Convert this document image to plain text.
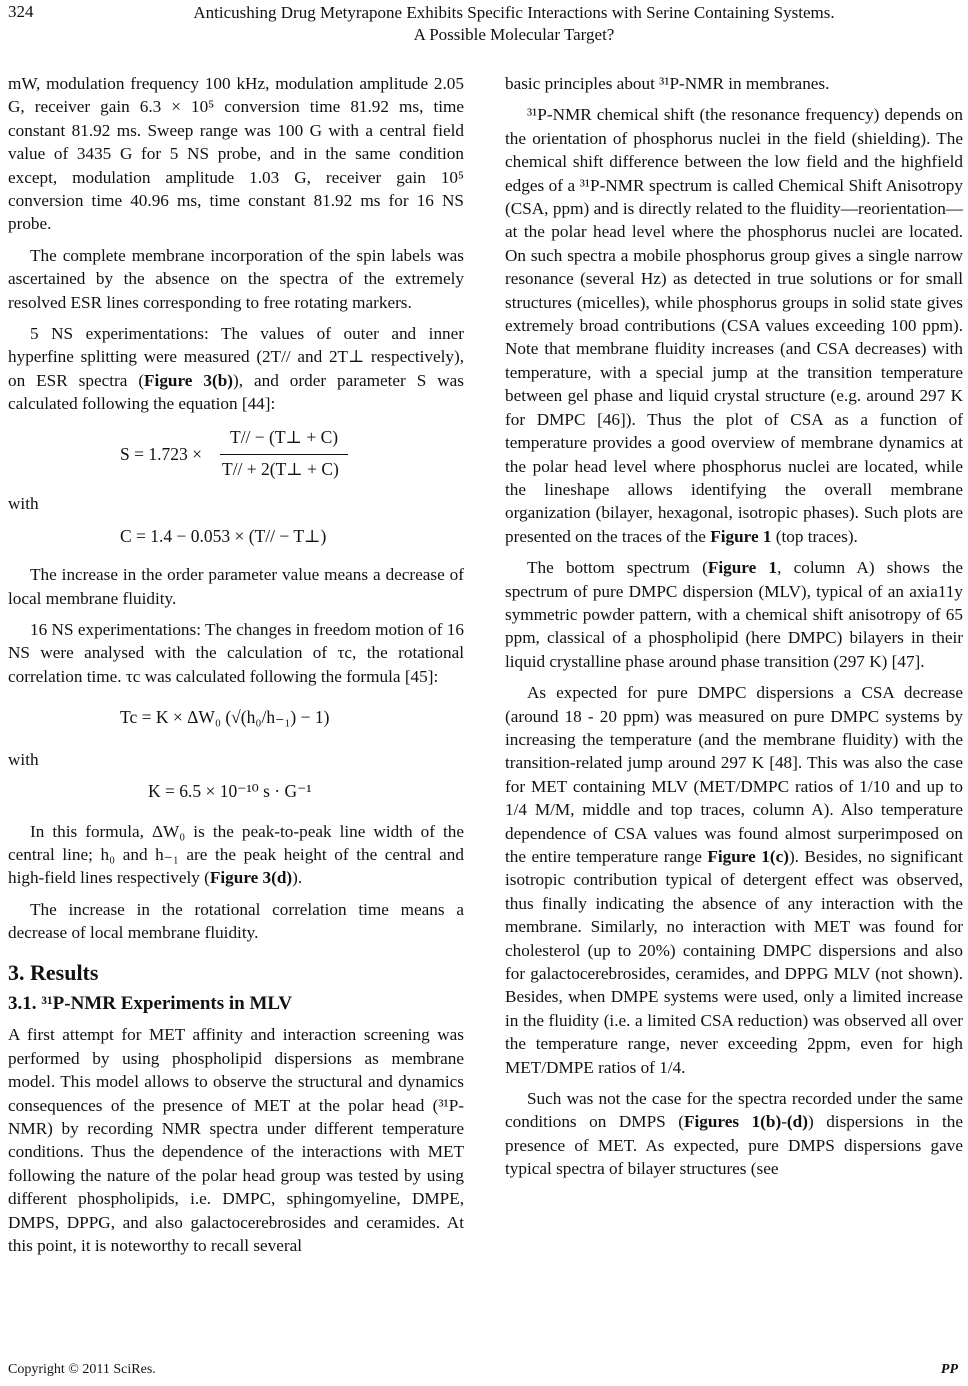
324	Anticushing Drug Metyrapone Exhibits Specific Interactions with Serine Containing Systems.
A Possible Molecular Target?

mW, modulation frequency 100 kHz, modulation amplitude 2.05 G, receiver gain 6.3 × 10⁵ conversion time 81.92 ms, time constant 81.92 ms. Sweep range was 100 G with a central field value of 3435 G for 5 NS probe, and in the same condition except, modulation amplitude 1.03 G, receiver gain 10⁵ conversion time 40.96 ms, time constant 81.92 ms for 16 NS probe.

The complete membrane incorporation of the spin labels was ascertained by the absence on the spectra of the extremely resolved ESR lines corresponding to free rotating markers.

5 NS experimentations: The values of outer and inner hyperfine splitting were measured (2T// and 2T⊥ respectively), on ESR spectra (Figure 3(b)), and order parameter S was calculated following the equation [44]:

S = 1.723 ×
T// − (T⊥ + C)
T// + 2(T⊥ + C)

with

C = 1.4 − 0.053 × (T// − T⊥)

The increase in the order parameter value means a decrease of local membrane fluidity.

16 NS experimentations: The changes in freedom motion of 16 NS were analysed with the calculation of τc, the rotational correlation time. τc was calculated following the formula [45]:

Tc = K × ΔW₀ (√(h₀/h₋₁) − 1)

with

K = 6.5 × 10⁻¹⁰ s · G⁻¹

In this formula, ΔW₀ is the peak-to-peak line width of the central line; h₀ and h₋₁ are the peak height of the central and high-field lines respectively (Figure 3(d)).

The increase in the rotational correlation time means a decrease of local membrane fluidity.

3. Results
3.1. ³¹P-NMR Experiments in MLV

A first attempt for MET affinity and interaction screening was performed by using phospholipid dispersions as membrane model. This model allows to observe the structural and dynamics consequences of the presence of MET at the polar head (³¹P-NMR) by recording NMR spectra under different temperature conditions. Thus the dependence of the interactions with MET following the nature of the polar head group was tested by using different phospholipids, i.e. DMPC, sphingomyeline, DMPE, DMPS, DPPG, and also galactocerebrosides and ceramides. At this point, it is noteworthy to recall several

basic principles about ³¹P-NMR in membranes.

³¹P-NMR chemical shift (the resonance frequency) depends on the orientation of phosphorus nuclei in the field (shielding). The chemical shift difference between the low field and the highfield edges of a ³¹P-NMR spectrum is called Chemical Shift Anisotropy (CSA, ppm) and is directly related to the fluidity—reorientation—at the polar head level where the phosphorus nuclei are located. On such spectra a mobile phosphorus group gives a single narrow resonance (several Hz) as detected in true solutions or for small structures (micelles), while phosphorus groups in solid state gives extremely broad contributions (CSA values exceeding 100 ppm). Note that membrane fluidity increases (and CSA decreases) with temperature, with a special jump at the transition temperature between gel phase and liquid crystal structure (e.g. around 297 K for DMPC [46]). Thus the plot of CSA as a function of temperature provides a good overview of membrane dynamics at the polar head level where phosphorus nuclei are located, while the lineshape allows identifying the overall membrane organization (bilayer, hexagonal, isotropic phases). Such plots are presented on the traces of the Figure 1 (top traces).

The bottom spectrum (Figure 1, column A) shows the spectrum of pure DMPC dispersion (MLV), typical of an axia11y symmetric powder pattern, with a chemical shift anisotropy of 65 ppm, classical of a phospholipid (here DMPC) bilayers in their liquid crystalline phase around phase transition (297 K) [47].

As expected for pure DMPC dispersions a CSA decrease (around 18 - 20 ppm) was measured on pure DMPC systems by increasing the temperature (and the membrane fluidity) with the transition-related jump around 297 K [48]. This was also the case for MET containing MLV (MET/DMPC ratios of 1/10 and up to 1/4 M/M, middle and top traces, column A). Also temperature dependence of CSA values was found almost surperimposed on the entire temperature range Figure 1(c)). Besides, no significant isotropic contribution typical of detergent effect was observed, thus finally indicating the absence of any interaction with the membrane. Similarly, no interaction with MET was found for cholesterol (up to 20%) containing DMPC dispersions and also for galactocerebrosides, ceramides, and DPPG MLV (not shown). Besides, when DMPE systems were used, only a limited increase in the fluidity (i.e. a limited CSA reduction) was observed all over the temperature range, never exceeding 2ppm, even for high MET/DMPE ratios of 1/4.

Such was not the case for the spectra recorded under the same conditions on DMPS (Figures 1(b)-(d)) dispersions in the presence of MET. As expected, pure DMPS dispersions gave typical spectra of bilayer structures (see

Copyright © 2011 SciRes.	PP
